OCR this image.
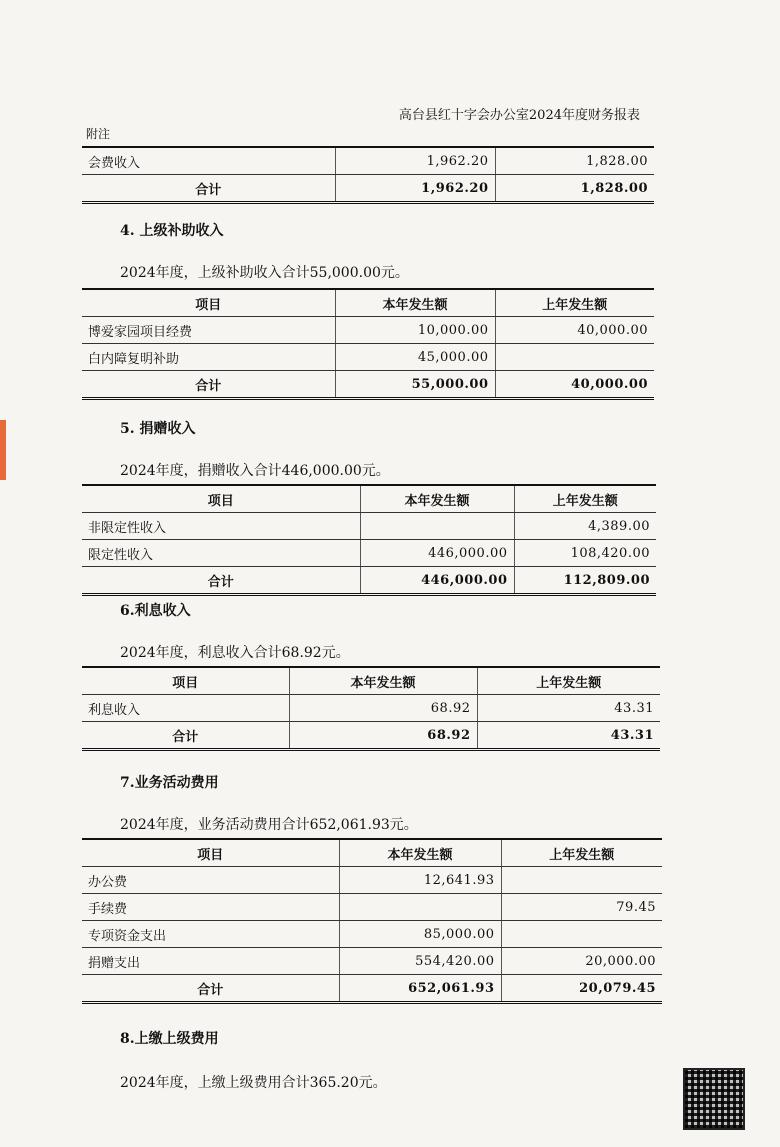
高台县红十字会办公室2024年度财务报表
附注
会费收入	1,962.20	1,828.00
合计	1,962.20	1,828.00
4. 上级补助收入
2024年度，上级补助收入合计55,000.00元。
项目	本年发生额	上年发生额
博爱家园项目经费	10,000.00	40,000.00
白内障复明补助	45,000.00	
合计	55,000.00	40,000.00
5. 捐赠收入
2024年度，捐赠收入合计446,000.00元。
项目	本年发生额	上年发生额
非限定性收入		4,389.00
限定性收入	446,000.00	108,420.00
合计	446,000.00	112,809.00
6.利息收入
2024年度，利息收入合计68.92元。
项目	本年发生额	上年发生额
利息收入	68.92	43.31
合计	68.92	43.31
7.业务活动费用
2024年度，业务活动费用合计652,061.93元。
项目	本年发生额	上年发生额
办公费	12,641.93	
手续费		79.45
专项资金支出	85,000.00	
捐赠支出	554,420.00	20,000.00
合计	652,061.93	20,079.45
8.上缴上级费用
2024年度，上缴上级费用合计365.20元。
